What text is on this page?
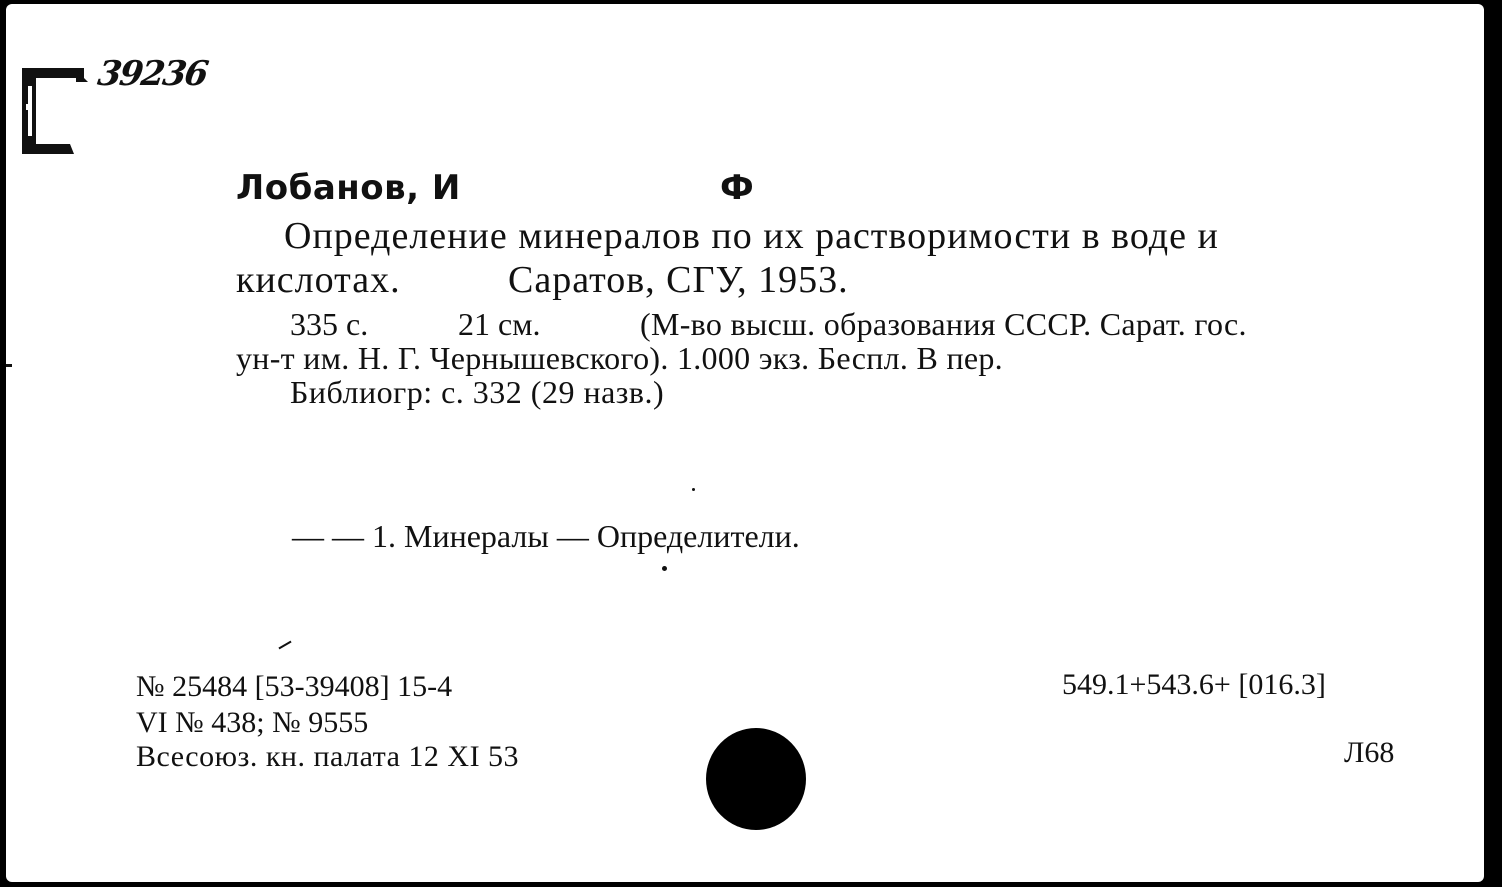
39236
Лобанов, И	Ф
Определение минералов по их растворимости в воде и
кислотах.	Саратов, СГУ, 1953.
335 с.	21 см.	(М-во высш. образования СССР. Сарат. гос.
ун-т им. Н. Г. Чернышевского). 1.000 экз. Беспл. В пер.
Библиогр: с. 332 (29 назв.)
— — 1. Минералы — Определители.
№ 25484 [53-39408] 15-4
VI № 438; № 9555
Всесоюз. кн. палата 12 XI 53
549.1+543.6+ [016.3]
Л68
